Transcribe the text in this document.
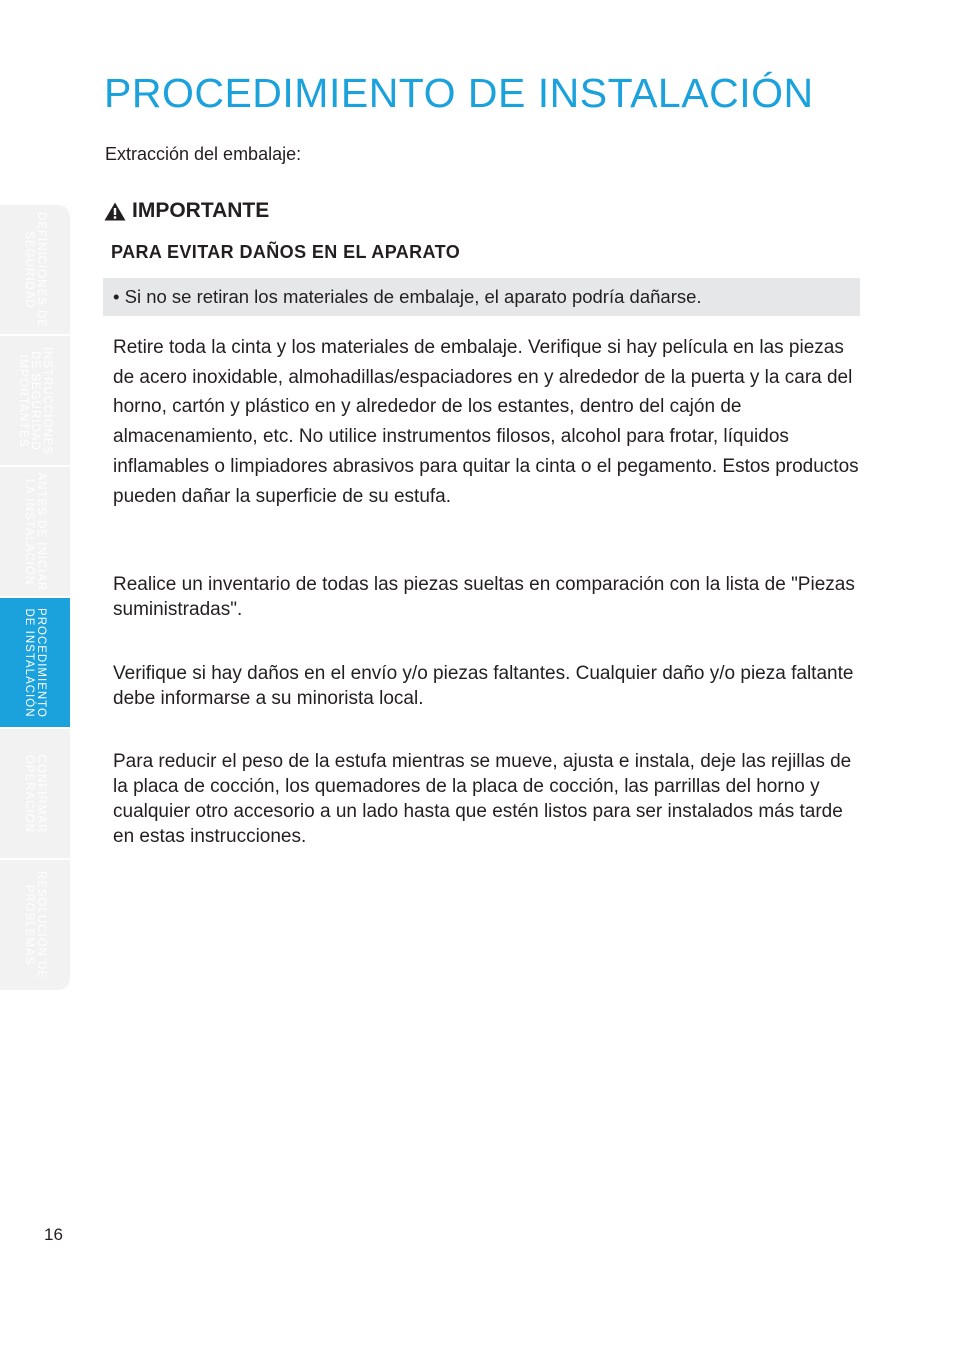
PROCEDIMIENTO DE INSTALACIÓN
Extracción del embalaje:
IMPORTANTE
PARA EVITAR DAÑOS EN EL APARATO
• Si no se retiran los materiales de embalaje, el aparato podría dañarse.

Retire toda la cinta y los materiales de embalaje. Verifique si hay película en las piezas de acero inoxidable, almohadillas/espaciadores en y alrededor de la puerta y la cara del horno, cartón y plástico en y alrededor de los estantes, dentro del cajón de almacenamiento, etc. No utilice instrumentos filosos, alcohol para frotar, líquidos inflamables o limpiadores abrasivos para quitar la cinta o el pegamento. Estos productos pueden dañar la superficie de su estufa.

Realice un inventario de todas las piezas sueltas en comparación con la lista de "Piezas suministradas".

Verifique si hay daños en el envío y/o piezas faltantes. Cualquier daño y/o pieza faltante debe informarse a su minorista local.

Para reducir el peso de la estufa mientras se mueve, ajusta e instala, deje las rejillas de la placa de cocción, los quemadores de la placa de cocción, las parrillas del horno y cualquier otro accesorio a un lado hasta que estén listos para ser instalados más tarde en estas instrucciones.

DEFINICIONES DE SEGURIDAD
INSTRUCCIONES DE SEGURIDAD IMPORTANTES
ANTES DE INICIAR LA INSTALACIÓN
PROCEDIMIENTO DE INSTALACIÓN
CONFIRMAR OPERACIÓN
RESOLUCIÓN DE PROBLEMAS
16
